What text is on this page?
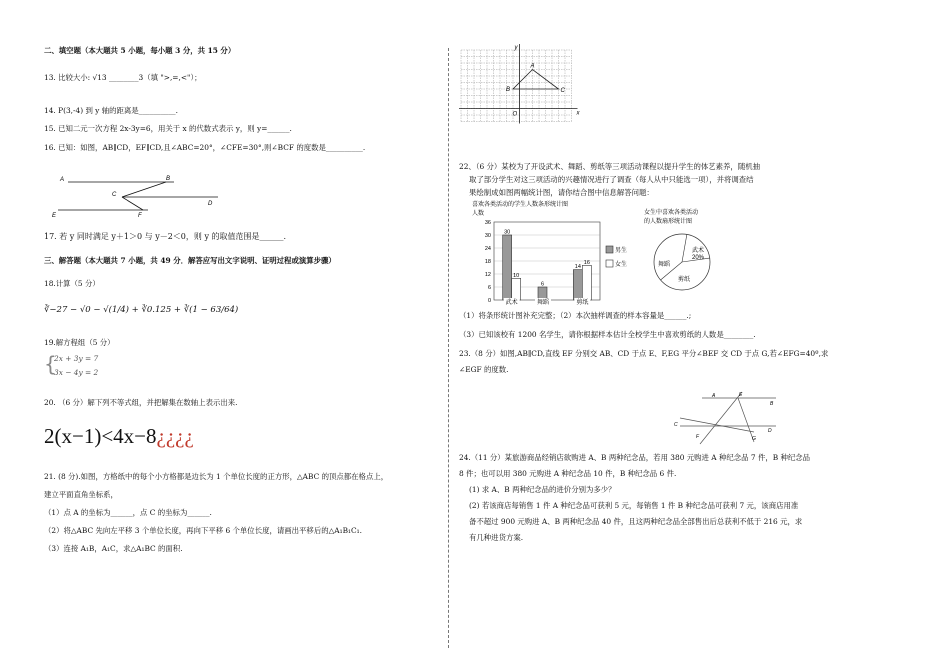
二、填空题（本大题共 5 小题，每小题 3 分，共 15 分）
13. 比较大小: √13 ________3（填 ">,=,<"）；
14. P(3,-4) 到 y 轴的距离是__________.
15. 已知二元一次方程 2x-3y=6，用关于 x 的代数式表示 y，则 y=______.
16. 已知：如图，AB∥CD，EF∥CD,且∠ABC=20°，∠CFE=30°,则∠BCF 的度数是__________.
A	B
C
D
E	F
17. 若 y 同时满足 y＋1＞0 与 y－2＜0，则 y 的取值范围是______.
三、解答题（本大题共 7 小题，共 49 分．解答应写出文字说明、证明过程或演算步骤）
18.计算（5 分）
∛−27 − √0 − √(1/4) + ∛0.125 + ∛(1 − 63/64)
19.解方程组（5 分）
{
2x + 3y = 7
3x − 4y = 2
20. （6 分）解下列不等式组，并把解集在数轴上表示出来.
2(x−1)<4x−8¿¿¿¿
21. (8 分).如图，方格纸中的每个小方格都是边长为 1 个单位长度的正方形，△ABC 的顶点都在格点上，
建立平面直角坐标系，
（1）点 A 的坐标为______，点 C 的坐标为______.
（2）将△ABC 先向左平移 3 个单位长度，再向下平移 6 个单位长度，请画出平移后的△A₁B₁C₁.
（3）连接 A₁B，A₁C，求△A₁BC 的面积.
y
x
O
A
B	C
22、（6 分）某校为了开设武术、舞蹈、剪纸等三项活动课程以提升学生的体艺素养，随机抽
取了部分学生对这三项活动的兴趣情况进行了调查（每人从中只能选一项），并将调查结
果绘制成如图两幅统计图，请你结合图中信息解答问题：
喜欢各类活动的学生人数条形统计图
人数
0
6
12
18
24
30
36
30
10
武术
6
舞蹈
14
16
剪纸
男生
女生
女生中喜欢各类活动
的人数扇形统计图
武术
20%
舞蹈
剪纸
（1）将条形统计图补充完整；（2）本次抽样调查的样本容量是______.;
（3）已知该校有 1200 名学生，请你根据样本估计全校学生中喜欢剪纸的人数是________.
23.（8 分）如图,AB∥CD,直线 EF 分别交 AB、CD 于点 E、F,EG 平分∠BEF 交 CD 于点 G,若∠EFG=40º,求
∠EGF 的度数.
E
A
B
C
F	G
D
24.（11 分）某旅游商品经销店欲购进 A、B 两种纪念品，若用 380 元购进 A 种纪念品 7 件，B 种纪念品
8 件；也可以用 380 元购进 A 种纪念品 10 件，B 种纪念品 6 件.
(1) 求 A、B 两种纪念品的进价分别为多少？
(2) 若该商店每销售 1 件 A 种纪念品可获利 5 元，每销售 1 件 B 种纪念品可获利 7 元，该商店用准
备不超过 900 元购进 A、B 两种纪念品 40 件，且这两种纪念品全部售出后总获利不低于 216 元，求
有几种进货方案.
